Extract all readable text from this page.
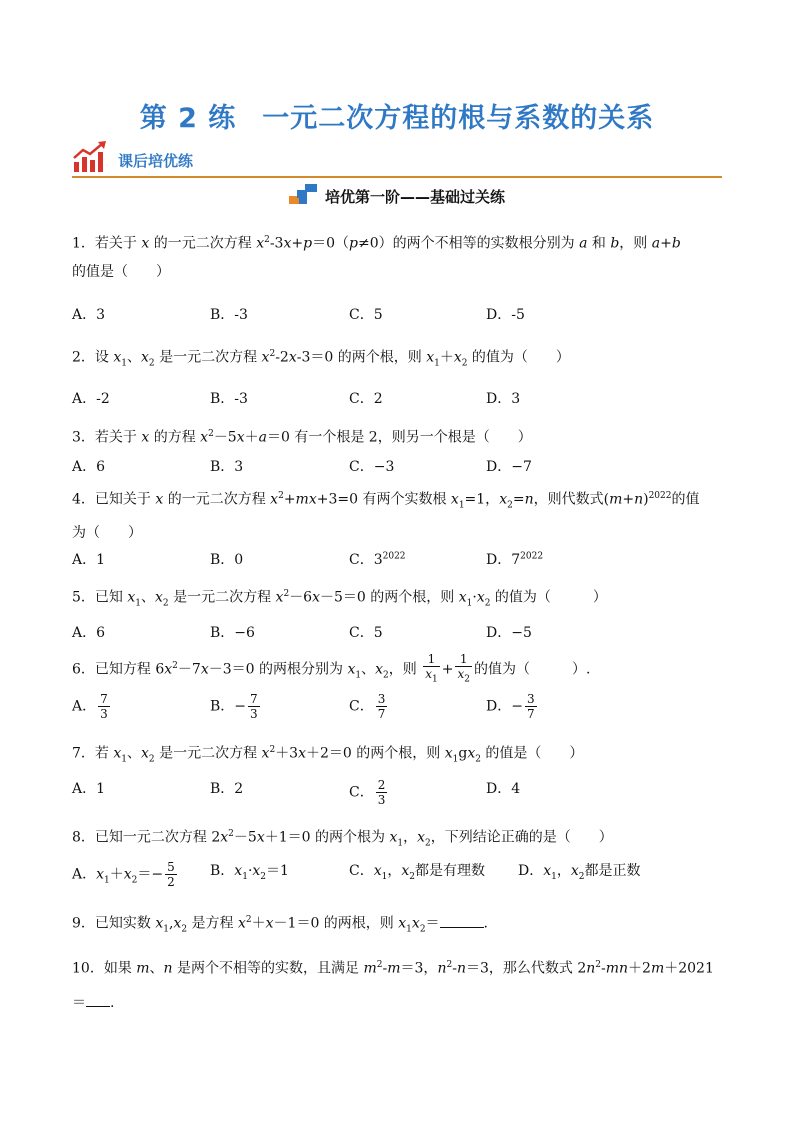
第 2 练 一元二次方程的根与系数的关系
课后培优练
培优第一阶——基础过关练
1．若关于 x 的一元二次方程 $x^2-3x+p=0(p\ne 0)$的两个不相等的实数根分别为 a 和 b，则 a+b
的值是（　　）
A．3	B．-3	C．5	D．-5
2．设 $x_1$、$x_2$ 是一元二次方程 $x^2-2x-3=0$ 的两个根，则 $x_1+x_2$ 的值为（　　）
A．-2	B．-3	C．2	D．3
3．若关于 x 的方程 $x^2-5x+a=0$ 有一个根是 2，则另一个根是（　　）
A．6	B．3	C．−3	D．−7
4．已知关于 x 的一元二次方程 $x^2+mx+3=0$ 有两个实数根 $x_1=1$，$x_2=n$，则代数式$(m+n)^{2022}$的值
为（　　）
A．1	B．0	C．$3^{2022}$	D．$7^{2022}$
5．已知 $x_1$、$x_2$ 是一元二次方程 $x^2-6x-5=0$ 的两个根，则 $x_1\cdot x_2$ 的值为（　　　）
A．6	B．−6	C．5	D．−5
6．已知方程 $6x^2-7x-3=0$ 的两根分别为 $x_1$、$x_2$，则 $\frac{1}{x_1} + \frac{1}{x_2}$ 的值为（　　　）.
A． $\frac{7}{3}$	B．− $\frac{7}{3}$	C． $\frac{3}{7}$	D．− $\frac{3}{7}$
7．若 $x_1$、$x_2$ 是一元二次方程 $x^2+3x+2=0$ 的两个根，则 $x_1gx_2$ 的值是（　　）
A．1	B．2	C． $\frac{2}{3}$	D．4
8．已知一元二次方程 $2x^2-5x+1=0$ 的两个根为 $x_1$，$x_2$，下列结论正确的是（　　）
A．$x_1+x_2=- \frac{5}{2}$ B．$x_1\cdot x_2=1$	C．$x_1$，$x_2$都是有理数 D．$x_1$，$x_2$都是正数
9．已知实数 $x_1,x_2$ 是方程 $x^2+x-1=0$ 的两根，则 $x_1x_2=$	.
10．如果 m、n 是两个不相等的实数，且满足 $m^2-m=3$，$n^2-n=3$，那么代数式 $2n^2-mn+2m+2021$
＝ .
